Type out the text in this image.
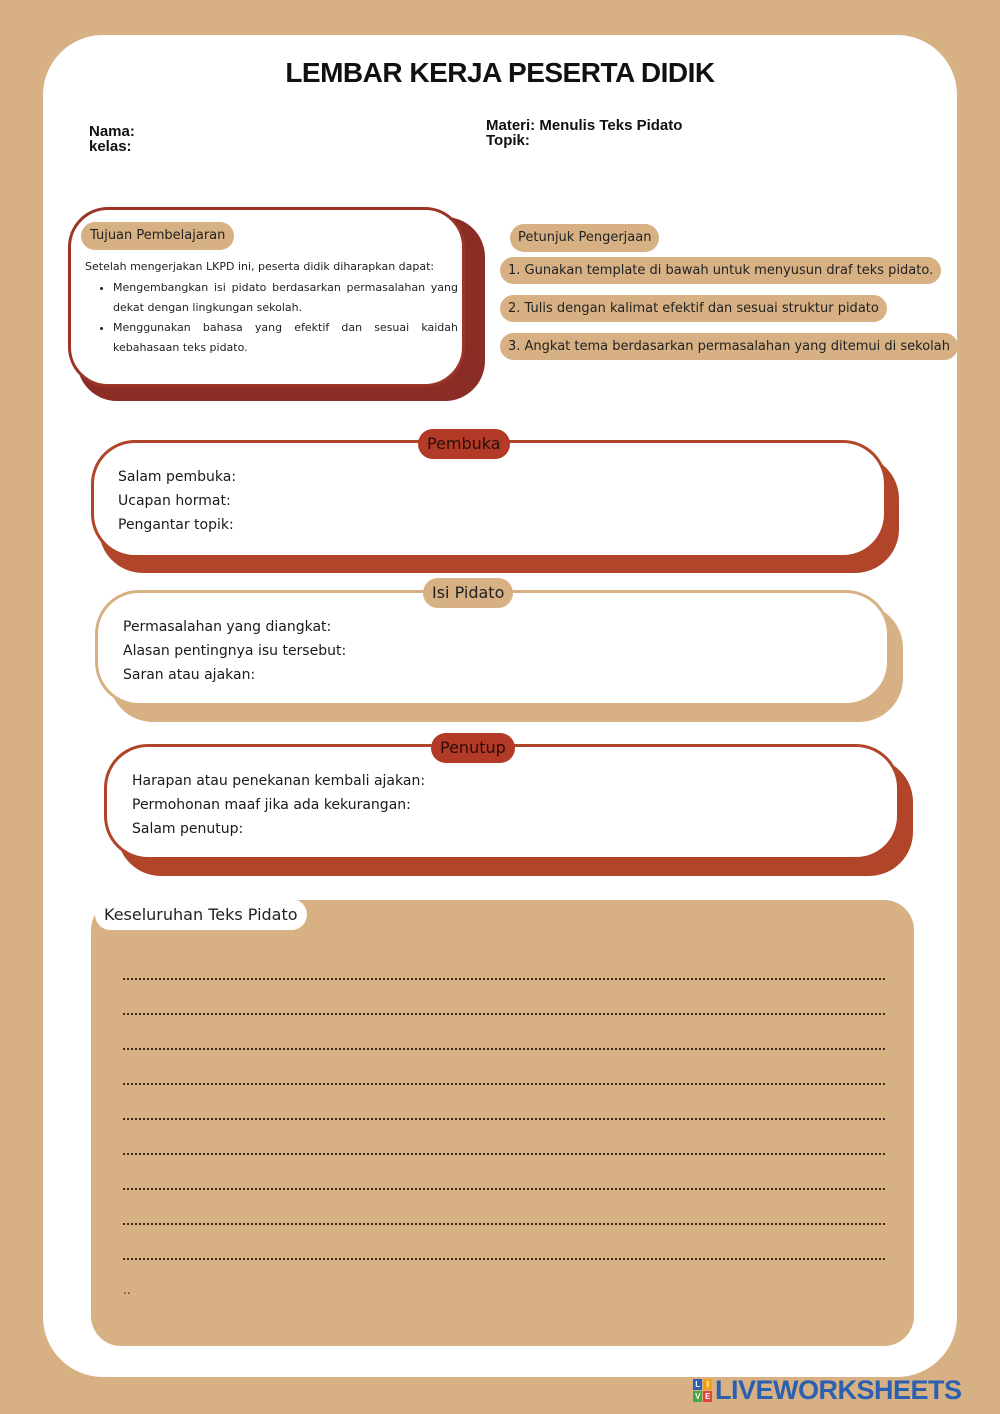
LEMBAR KERJA PESERTA DIDIK
Nama:
kelas:
Materi: Menulis Teks Pidato
Topik:
Tujuan Pembelajaran
Setelah mengerjakan LKPD ini, peserta didik diharapkan dapat:
• Mengembangkan isi pidato berdasarkan permasalahan yang dekat dengan lingkungan sekolah.
• Menggunakan bahasa yang efektif dan sesuai kaidah kebahasaan teks pidato.
Petunjuk Pengerjaan
1. Gunakan template di bawah untuk menyusun draf teks pidato.
2. Tulis dengan kalimat efektif dan sesuai struktur pidato
3. Angkat tema berdasarkan permasalahan yang ditemui di sekolah
Salam pembuka:
Ucapan hormat:
Pengantar topik:
Pembuka
Permasalahan yang diangkat:
Alasan pentingnya isu tersebut:
Saran atau ajakan:
Isi Pidato
Harapan atau penekanan kembali ajakan:
Permohonan maaf jika ada kekurangan:
Salam penutup:
Penutup
Keseluruhan Teks Pidato
..
L I
V E LIVEWORKSHEETS
